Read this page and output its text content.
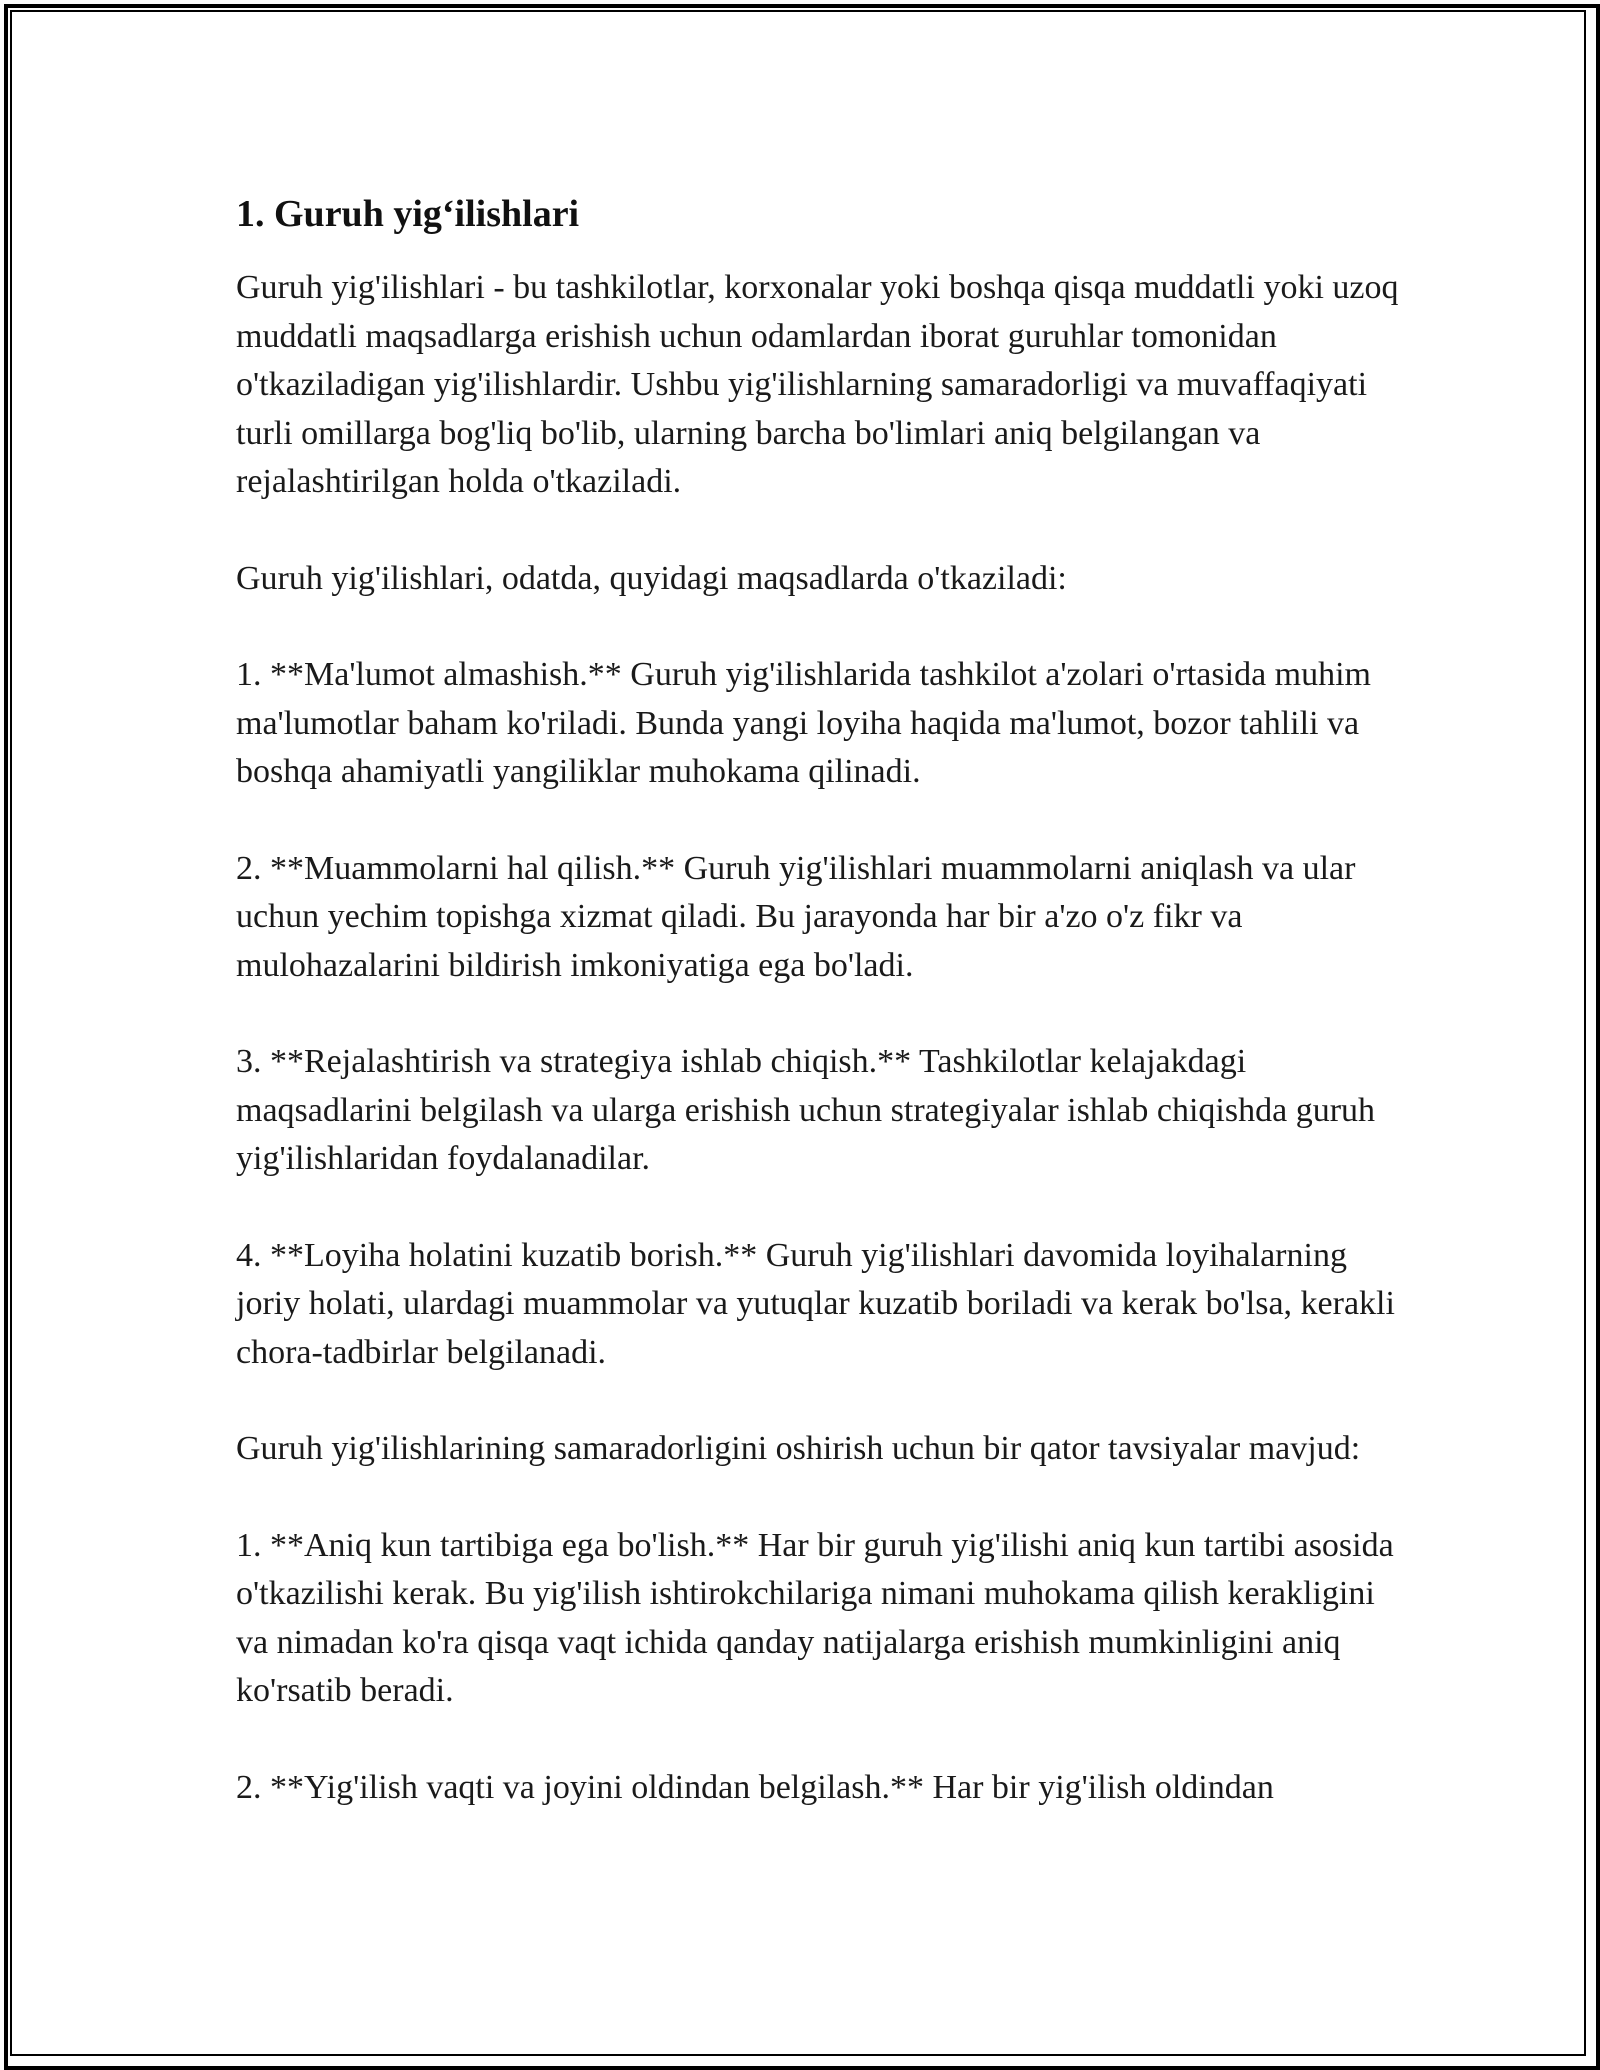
1. Guruh yig‘ilishlari

Guruh yig'ilishlari - bu tashkilotlar, korxonalar yoki boshqa qisqa muddatli yoki uzoq muddatli maqsadlarga erishish uchun odamlardan iborat guruhlar tomonidan o'tkaziladigan yig'ilishlardir. Ushbu yig'ilishlarning samaradorligi va muvaffaqiyati turli omillarga bog'liq bo'lib, ularning barcha bo'limlari aniq belgilangan va rejalashtirilgan holda o'tkaziladi.

Guruh yig'ilishlari, odatda, quyidagi maqsadlarda o'tkaziladi:

1. **Ma'lumot almashish.** Guruh yig'ilishlarida tashkilot a'zolari o'rtasida muhim ma'lumotlar baham ko'riladi. Bunda yangi loyiha haqida ma'lumot, bozor tahlili va boshqa ahamiyatli yangiliklar muhokama qilinadi.

2. **Muammolarni hal qilish.** Guruh yig'ilishlari muammolarni aniqlash va ular uchun yechim topishga xizmat qiladi. Bu jarayonda har bir a'zo o'z fikr va mulohazalarini bildirish imkoniyatiga ega bo'ladi.

3. **Rejalashtirish va strategiya ishlab chiqish.** Tashkilotlar kelajakdagi maqsadlarini belgilash va ularga erishish uchun strategiyalar ishlab chiqishda guruh yig'ilishlaridan foydalanadilar.

4. **Loyiha holatini kuzatib borish.** Guruh yig'ilishlari davomida loyihalarning joriy holati, ulardagi muammolar va yutuqlar kuzatib boriladi va kerak bo'lsa, kerakli chora-tadbirlar belgilanadi.

Guruh yig'ilishlarining samaradorligini oshirish uchun bir qator tavsiyalar mavjud:

1. **Aniq kun tartibiga ega bo'lish.** Har bir guruh yig'ilishi aniq kun tartibi asosida o'tkazilishi kerak. Bu yig'ilish ishtirokchilariga nimani muhokama qilish kerakligini va nimadan ko'ra qisqa vaqt ichida qanday natijalarga erishish mumkinligini aniq ko'rsatib beradi.

2. **Yig'ilish vaqti va joyini oldindan belgilash.** Har bir yig'ilish oldindan
